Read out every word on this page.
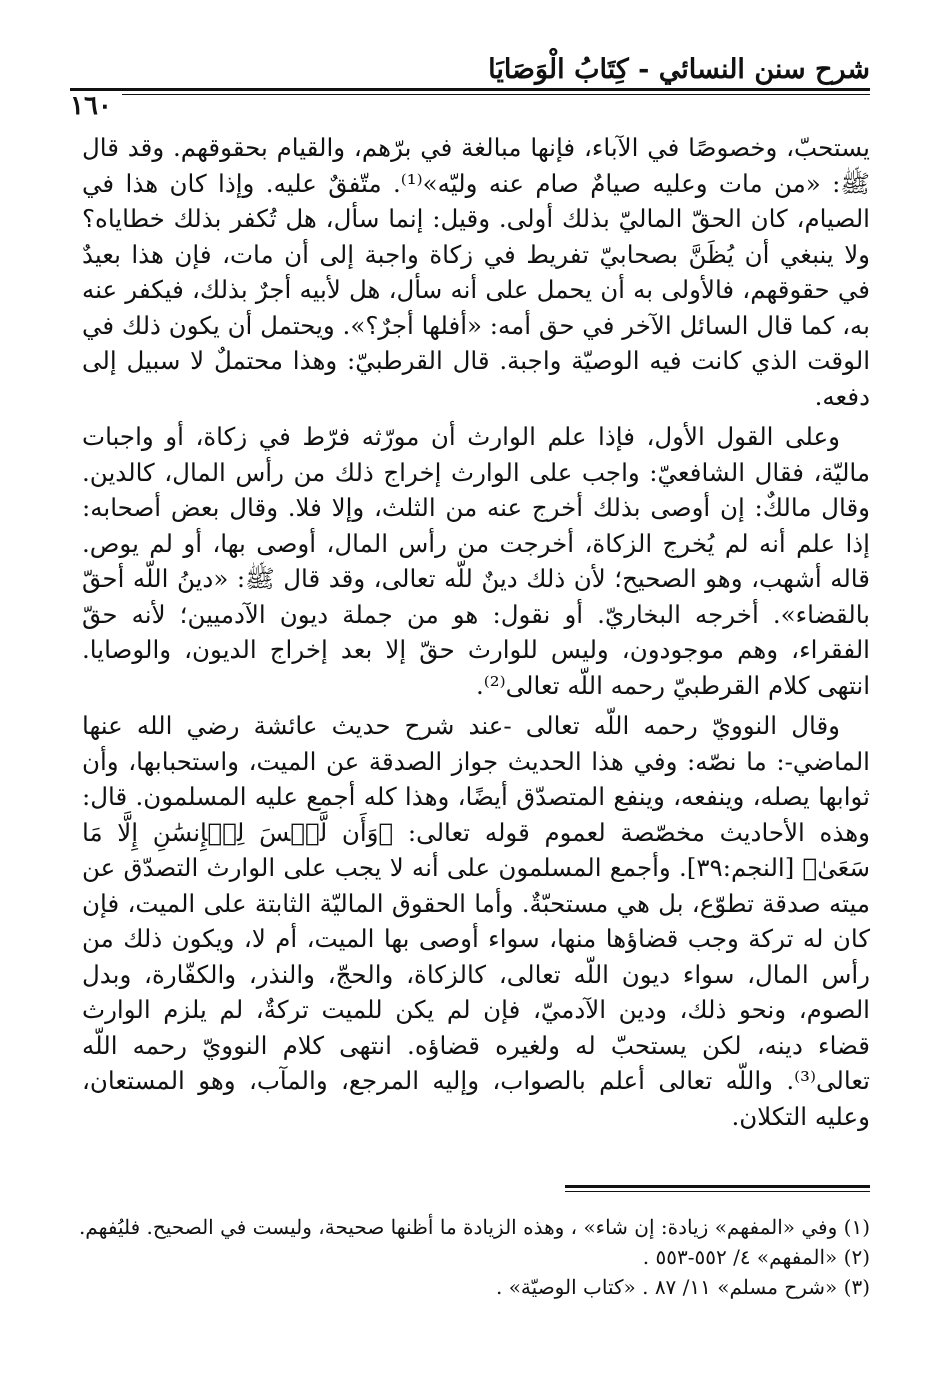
شرح سنن النسائي - كِتَابُ الْوَصَايَا
١٦٠

يستحبّ، وخصوصًا في الآباء، فإنها مبالغة في برّهم، والقيام بحقوقهم. وقد قال ﷺ: «من مات وعليه صيامٌ صام عنه وليّه»⁽¹⁾. متّفقٌ عليه. وإذا كان هذا في الصيام، كان الحقّ الماليّ بذلك أولى. وقيل: إنما سأل، هل تُكفر بذلك خطاياه؟ ولا ينبغي أن يُظَنَّ بصحابيّ تفريط في زكاة واجبة إلى أن مات، فإن هذا بعيدٌ في حقوقهم، فالأولى به أن يحمل على أنه سأل، هل لأبيه أجرٌ بذلك، فيكفر عنه به، كما قال السائل الآخر في حق أمه: «أفلها أجرٌ؟». ويحتمل أن يكون ذلك في الوقت الذي كانت فيه الوصيّة واجبة. قال القرطبيّ: وهذا محتملٌ لا سبيل إلى دفعه.

وعلى القول الأول، فإذا علم الوارث أن مورّثه فرّط في زكاة، أو واجبات ماليّة، فقال الشافعيّ: واجب على الوارث إخراج ذلك من رأس المال، كالدين. وقال مالكٌ: إن أوصى بذلك أخرج عنه من الثلث، وإلا فلا. وقال بعض أصحابه: إذا علم أنه لم يُخرج الزكاة، أخرجت من رأس المال، أوصى بها، أو لم يوص. قاله أشهب، وهو الصحيح؛ لأن ذلك دينٌ للّه تعالى، وقد قال ﷺ: «دينُ اللّه أحقّ بالقضاء». أخرجه البخاريّ. أو نقول: هو من جملة ديون الآدميين؛ لأنه حقّ الفقراء، وهم موجودون، وليس للوارث حقّ إلا بعد إخراج الديون، والوصايا. انتهى كلام القرطبيّ رحمه اللّه تعالى⁽²⁾.

وقال النوويّ رحمه اللّه تعالى -عند شرح حديث عائشة رضي الله عنها الماضي-: ما نصّه: وفي هذا الحديث جواز الصدقة عن الميت، واستحبابها، وأن ثوابها يصله، وينفعه، وينفع المتصدّق أيضًا، وهذا كله أجمع عليه المسلمون. قال: وهذه الأحاديث مخصّصة لعموم قوله تعالى: ﴿وَأَن لَّيۡسَ لِلۡإِنسَٰنِ إِلَّا مَا سَعَىٰ﴾ [النجم:٣٩]. وأجمع المسلمون على أنه لا يجب على الوارث التصدّق عن ميته صدقة تطوّع، بل هي مستحبّةٌ. وأما الحقوق الماليّة الثابتة على الميت، فإن كان له تركة وجب قضاؤها منها، سواء أوصى بها الميت، أم لا، ويكون ذلك من رأس المال، سواء ديون اللّه تعالى، كالزكاة، والحجّ، والنذر، والكفّارة، وبدل الصوم، ونحو ذلك، ودين الآدميّ، فإن لم يكن للميت تركةٌ، لم يلزم الوارث قضاء دينه، لكن يستحبّ له ولغيره قضاؤه. انتهى كلام النوويّ رحمه اللّه تعالى⁽³⁾. واللّه تعالى أعلم بالصواب، وإليه المرجع، والمآب، وهو المستعان، وعليه التكلان.

(١) وفي «المفهم» زيادة: إن شاء» ، وهذه الزيادة ما أظنها صحيحة، وليست في الصحيح. فليُفهم.
(٢) «المفهم» ٤/ ٥٥٢-٥٥٣ .
(٣) «شرح مسلم» ١١/ ٨٧ . «كتاب الوصيّة» .
